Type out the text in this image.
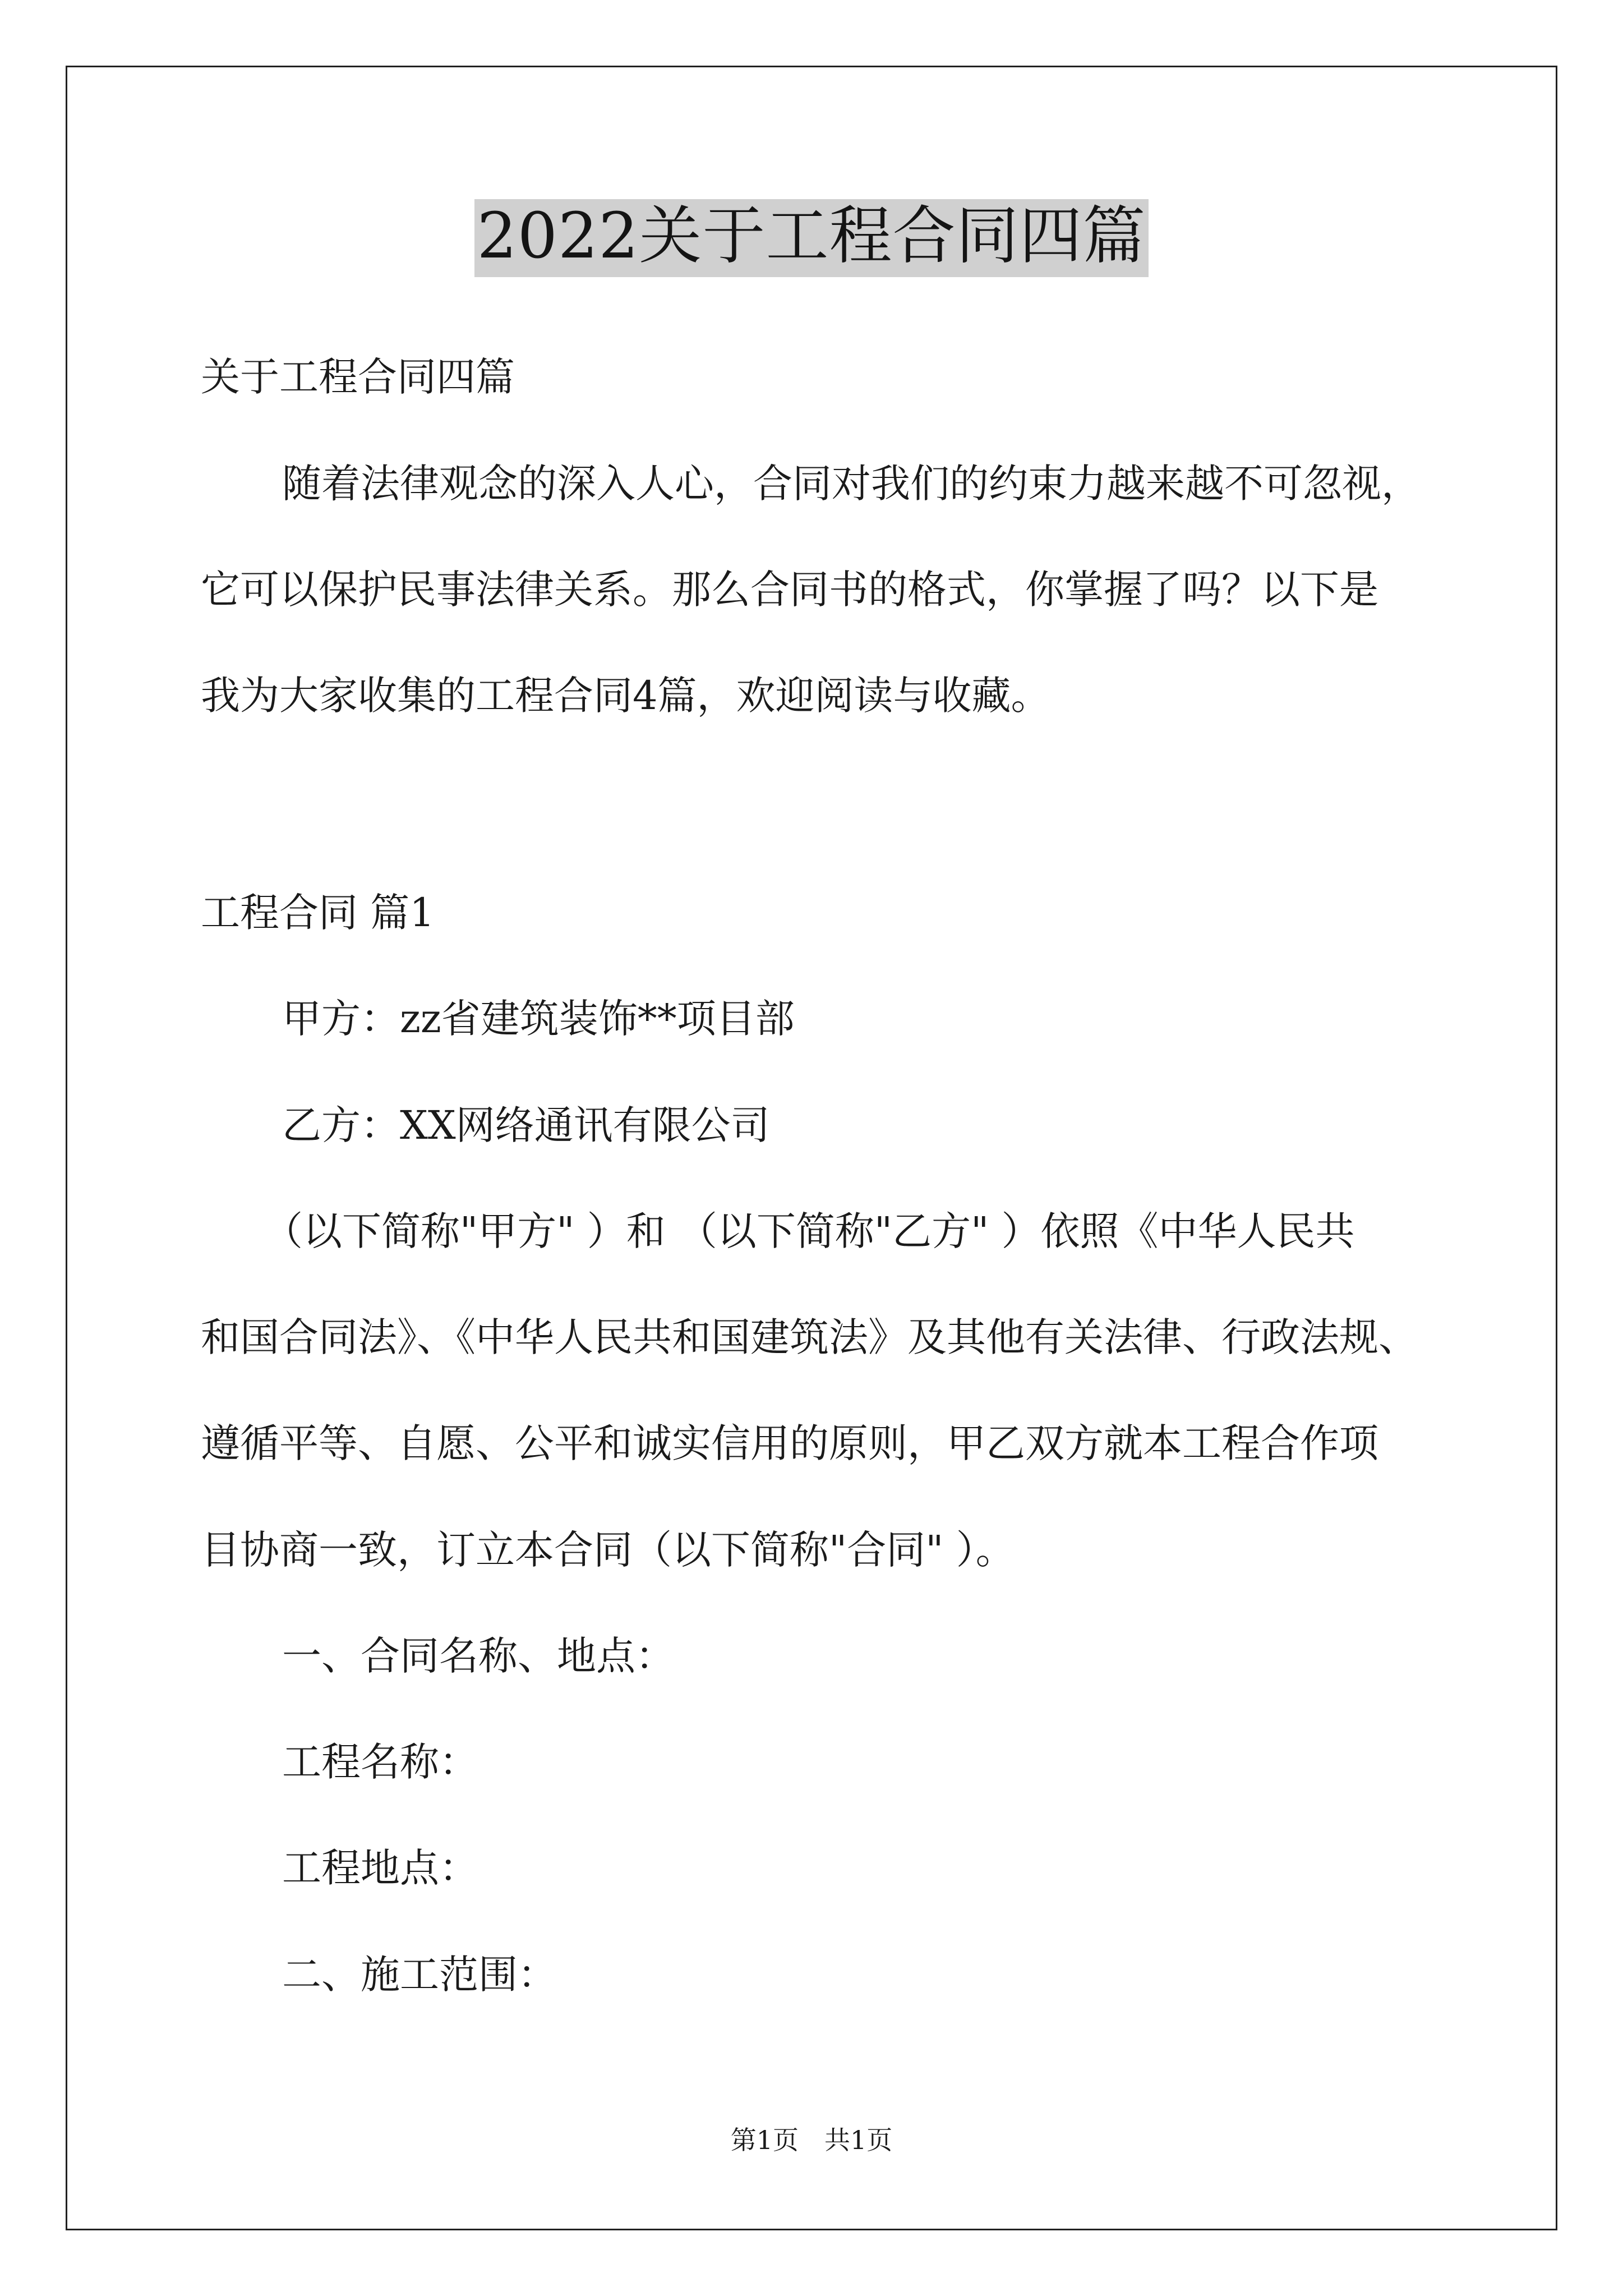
2022关于工程合同四篇
关于工程合同四篇
随着法律观念的深入人心，合同对我们的约束力越来越不可忽视，
它可以保护民事法律关系。那么合同书的格式，你掌握了吗？以下是
我为大家收集的工程合同4篇，欢迎阅读与收藏。
工程合同 篇1
甲方：zz省建筑装饰**项目部
乙方：XX网络通讯有限公司
（以下简称"甲方" ）和 （以下简称"乙方" ）依照《中华人民共
和国合同法》、《中华人民共和国建筑法》及其他有关法律、行政法规、
遵循平等、自愿、公平和诚实信用的原则，甲乙双方就本工程合作项
目协商一致，订立本合同（以下简称"合同" ）。
一、合同名称、地点：
工程名称：
工程地点：
二、施工范围：
第1页　共1页
